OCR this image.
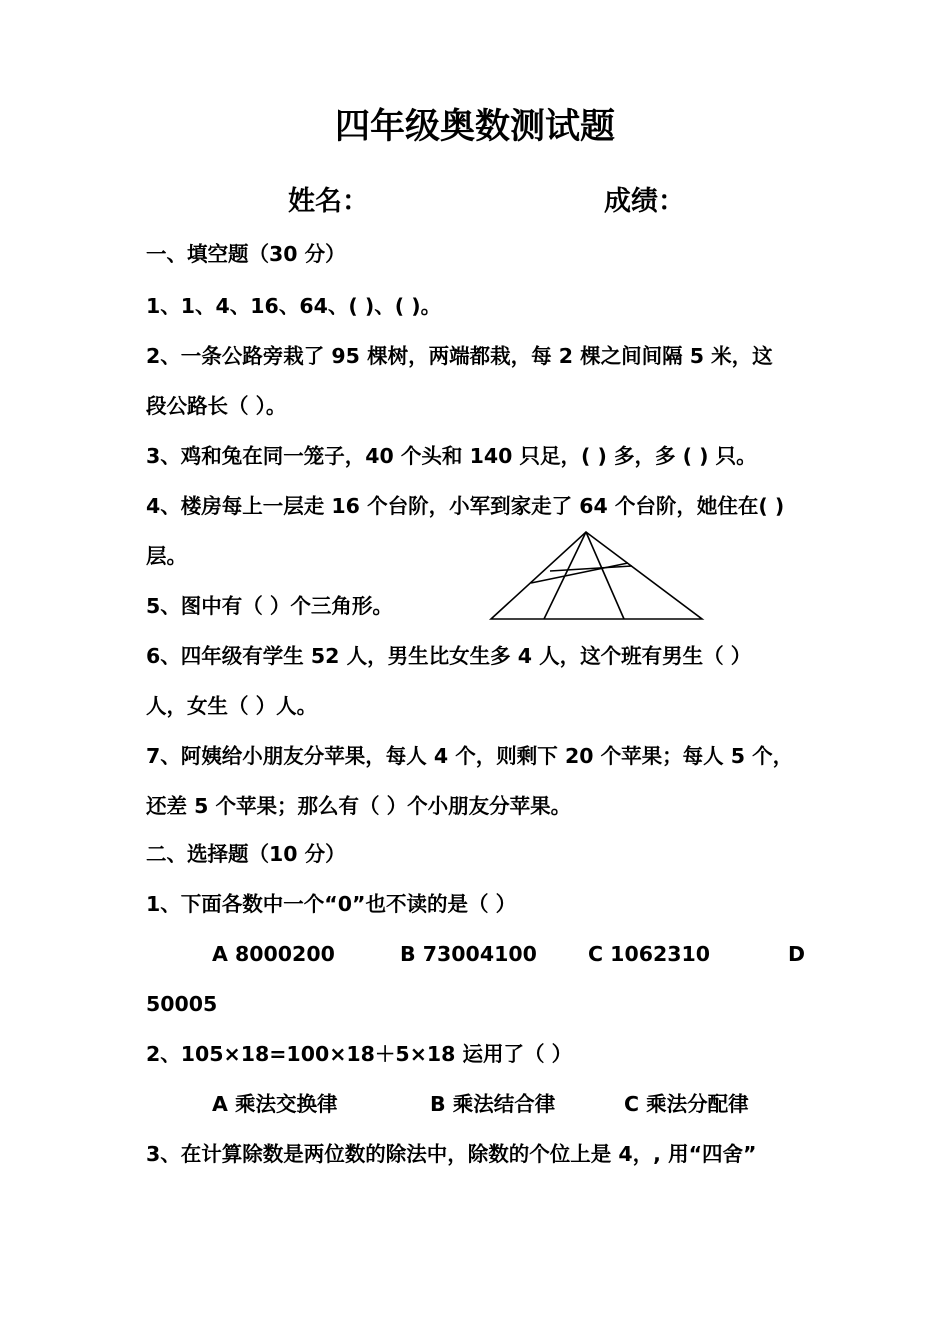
四年级奥数测试题
姓名：	成绩：
一、填空题（30 分）
1、1、4、16、64、( )、( )。
2、一条公路旁栽了 95 棵树，两端都栽，每 2 棵之间间隔 5 米，这
段公路长（ ）。
3、鸡和兔在同一笼子，40 个头和 140 只足，( ) 多，多 ( ) 只。
4、楼房每上一层走 16 个台阶，小军到家走了 64 个台阶，她住在( )
层。
5、图中有（ ）个三角形。
6、四年级有学生 52 人，男生比女生多 4 人，这个班有男生（ ）
人，女生（ ）人。
7、阿姨给小朋友分苹果，每人 4 个，则剩下 20 个苹果；每人 5 个，
还差 5 个苹果；那么有（ ）个小朋友分苹果。
二、选择题（10 分）
1、下面各数中一个“0”也不读的是（ ）
A 8000200	B 73004100 C 1062310	D
50005
2、105×18=100×18＋5×18 运用了（ ）
A 乘法交换律	B 乘法结合律	C 乘法分配律
3、在计算除数是两位数的除法中，除数的个位上是 4，, 用“四舍”
